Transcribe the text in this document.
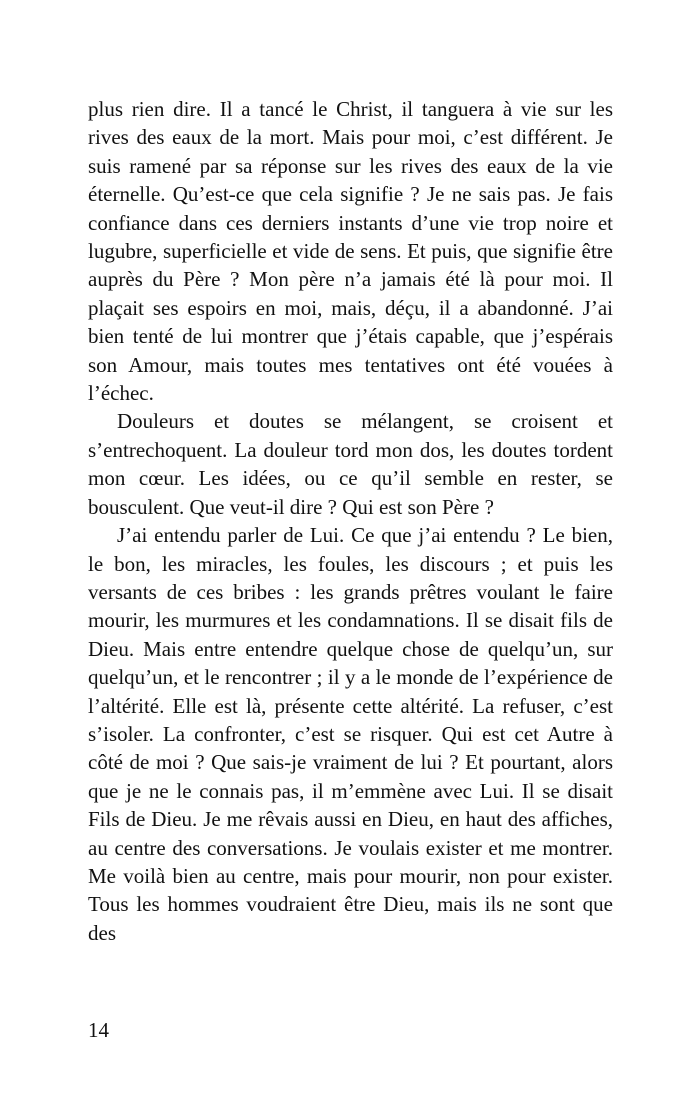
plus rien dire. Il a tancé le Christ, il tanguera à vie sur les rives des eaux de la mort. Mais pour moi, c’est différent. Je suis ramené par sa réponse sur les rives des eaux de la vie éternelle. Qu’est-ce que cela signifie ? Je ne sais pas. Je fais confiance dans ces derniers instants d’une vie trop noire et lugubre, superficielle et vide de sens. Et puis, que signifie être auprès du Père ? Mon père n’a jamais été là pour moi. Il plaçait ses espoirs en moi, mais, déçu, il a abandonné. J’ai bien tenté de lui montrer que j’étais capable, que j’espérais son Amour, mais toutes mes tentatives ont été vouées à l’échec.

Douleurs et doutes se mélangent, se croisent et s’entrechoquent. La douleur tord mon dos, les doutes tordent mon cœur. Les idées, ou ce qu’il semble en rester, se bousculent. Que veut-il dire ? Qui est son Père ?

J’ai entendu parler de Lui. Ce que j’ai entendu ? Le bien, le bon, les miracles, les foules, les discours ; et puis les versants de ces bribes : les grands prêtres voulant le faire mourir, les murmures et les condamnations. Il se disait fils de Dieu. Mais entre entendre quelque chose de quelqu’un, sur quelqu’un, et le rencontrer ; il y a le monde de l’expérience de l’altérité. Elle est là, présente cette altérité. La refuser, c’est s’isoler. La confronter, c’est se risquer. Qui est cet Autre à côté de moi ? Que sais-je vraiment de lui ? Et pourtant, alors que je ne le connais pas, il m’emmène avec Lui. Il se disait Fils de Dieu. Je me rêvais aussi en Dieu, en haut des affiches, au centre des conversations. Je voulais exister et me montrer. Me voilà bien au centre, mais pour mourir, non pour exister. Tous les hommes voudraient être Dieu, mais ils ne sont que des

14
